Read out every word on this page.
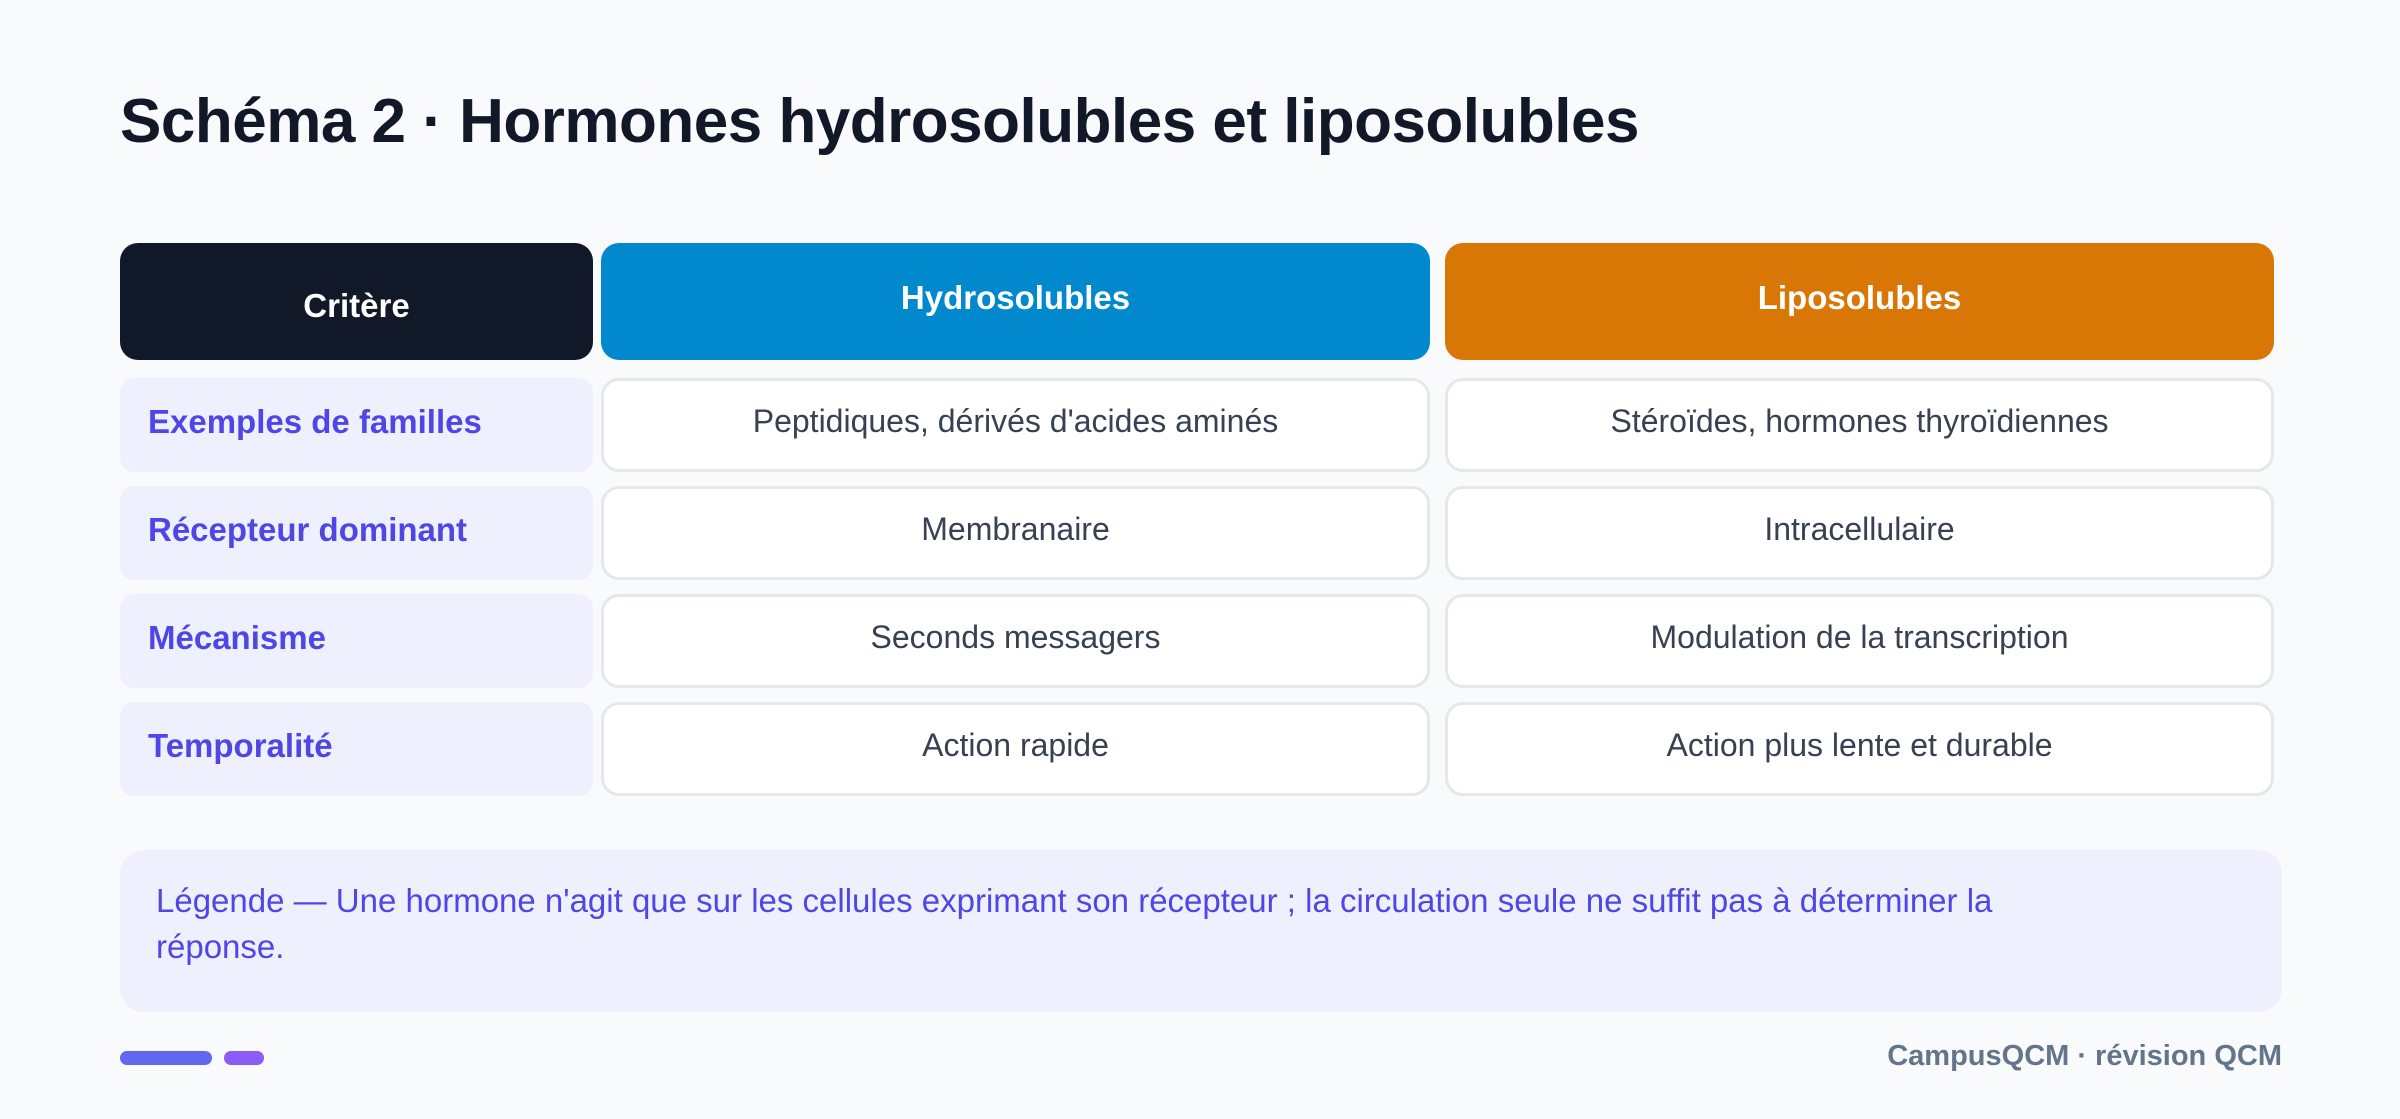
Schéma 2 · Hormones hydrosolubles et liposolubles
Critère	Hydrosolubles	Liposolubles
Exemples de familles	Peptidiques, dérivés d'acides aminés	Stéroïdes, hormones thyroïdiennes
Récepteur dominant	Membranaire	Intracellulaire
Mécanisme	Seconds messagers	Modulation de la transcription
Temporalité	Action rapide	Action plus lente et durable
Légende — Une hormone n'agit que sur les cellules exprimant son récepteur ; la circulation seule ne suffit pas à déterminer la réponse.
CampusQCM · révision QCM
